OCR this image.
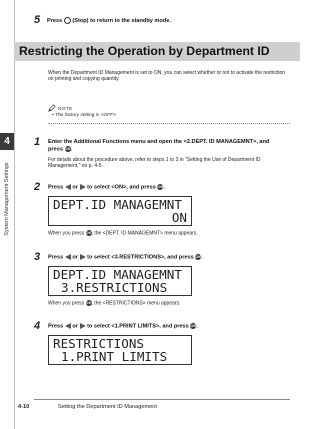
4
System Management Settings
5 Press (Stop) to return to the standby mode.
Restricting the Operation by Department ID
When the Department ID Management is set to ON, you can select whether or not to activate the restriction on printing and copying quantity.
NOTE
• The factory setting is <OFF>.
1 Enter the Additional Functions menu and open the <2.DEPT. ID MANAGEMNT>, and
press OK.
For details about the procedure above, refer to steps 1 to 3 in "Setting the Use of Department ID Management," on p. 4-5.
2 Press or to select <ON>, and press OK.
DEPT.ID MANAGEMNT
ON
When you press OK, the <DEPT. ID MANAGEMNT> menu appears.
3 Press or to select <3.RESTRICTIONS>, and press OK.
DEPT.ID MANAGEMNT
3.RESTRICTIONS
When you press OK, the <RESTRICTIONS> menu appears.
4 Press or to select <1.PRINT LIMITS>, and press OK.
RESTRICTIONS
1.PRINT LIMITS
4-10	Setting the Department ID Management
